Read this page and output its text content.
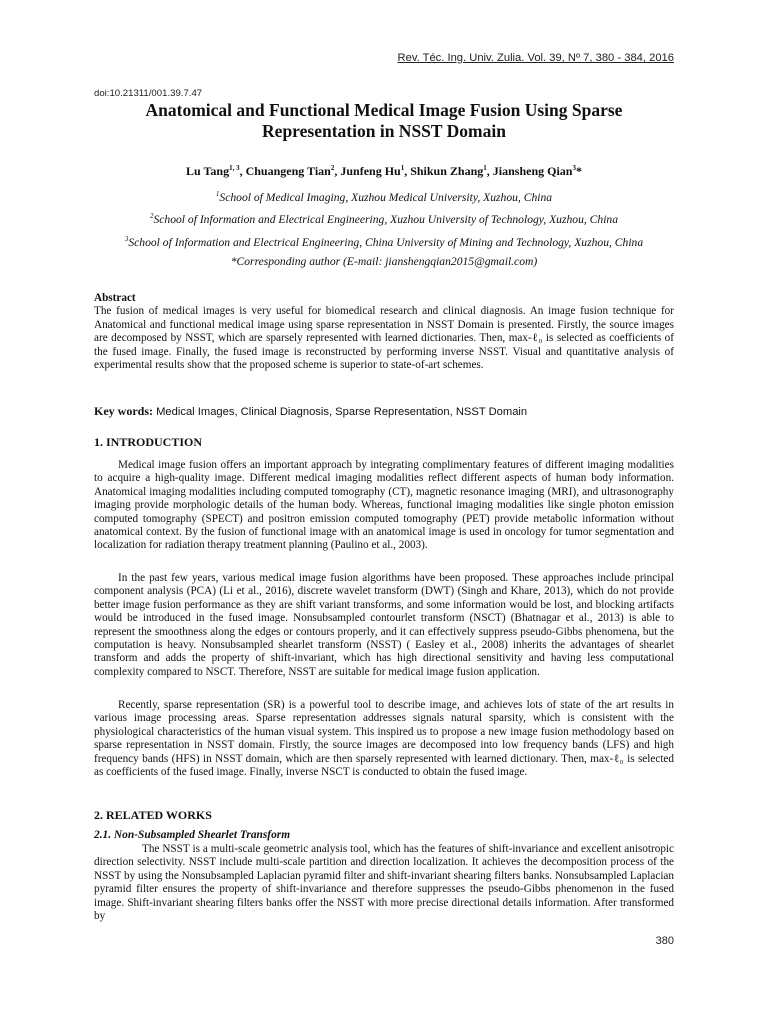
Rev. Téc. Ing. Univ. Zulia. Vol. 39, Nº 7, 380 - 384, 2016
doi:10.21311/001.39.7.47
Anatomical and Functional Medical Image Fusion Using Sparse Representation in NSST Domain
Lu Tang$^{1, 3}$, Chuangeng Tian$^2$, Junfeng Hu$^1$, Shikun Zhang$^1$, Jiansheng Qian$^3$*
$^1$School of Medical Imaging, Xuzhou Medical University, Xuzhou, China
$^2$School of Information and Electrical Engineering, Xuzhou University of Technology, Xuzhou, China
$^3$School of Information and Electrical Engineering, China University of Mining and Technology, Xuzhou, China
*Corresponding author (E-mail: jianshengqian2015@gmail.com)
Abstract

The fusion of medical images is very useful for biomedical research and clinical diagnosis. An image fusion technique for Anatomical and functional medical image using sparse representation in NSST Domain is presented. Firstly, the source images are decomposed by NSST, which are sparsely represented with learned dictionaries. Then, max-ℓ₀ is selected as coefficients of the fused image. Finally, the fused image is reconstructed by performing inverse NSST. Visual and quantitative analysis of experimental results show that the proposed scheme is superior to state-of-art schemes.

Key words: Medical Images, Clinical Diagnosis, Sparse Representation, NSST Domain
1. INTRODUCTION

Medical image fusion offers an important approach by integrating complimentary features of different imaging modalities to acquire a high-quality image. Different medical imaging modalities reflect different aspects of human body information. Anatomical imaging modalities including computed tomography (CT), magnetic resonance imaging (MRI), and ultrasonography imaging provide morphologic details of the human body. Whereas, functional imaging modalities like single photon emission computed tomography (SPECT) and positron emission computed tomography (PET) provide metabolic information without anatomical context. By the fusion of functional image with an anatomical image is used in oncology for tumor segmentation and localization for radiation therapy treatment planning (Paulino et al., 2003).

In the past few years, various medical image fusion algorithms have been proposed. These approaches include principal component analysis (PCA) (Li et al., 2016), discrete wavelet transform (DWT) (Singh and Khare, 2013), which do not provide better image fusion performance as they are shift variant transforms, and some information would be lost, and blocking artifacts would be introduced in the fused image. Nonsubsampled contourlet transform (NSCT) (Bhatnagar et al., 2013) is able to represent the smoothness along the edges or contours properly, and it can effectively suppress pseudo-Gibbs phenomena, but the computation is heavy. Nonsubsampled shearlet transform (NSST) ( Easley et al., 2008) inherits the advantages of shearlet transform and adds the property of shift-invariant, which has high directional sensitivity and having less computational complexity compared to NSCT. Therefore, NSST are suitable for medical image fusion application.

Recently, sparse representation (SR) is a powerful tool to describe image, and achieves lots of state of the art results in various image processing areas. Sparse representation addresses signals natural sparsity, which is consistent with the physiological characteristics of the human visual system. This inspired us to propose a new image fusion methodology based on sparse representation in NSST domain. Firstly, the source images are decomposed into low frequency bands (LFS) and high frequency bands (HFS) in NSST domain, which are then sparsely represented with learned dictionary. Then, max-ℓ₀ is selected as coefficients of the fused image. Finally, inverse NSCT is conducted to obtain the fused image.

2. RELATED WORKS
2.1. Non-Subsampled Shearlet Transform

The NSST is a multi-scale geometric analysis tool, which has the features of shift-invariance and excellent anisotropic direction selectivity. NSST include multi-scale partition and direction localization. It achieves the decomposition process of the NSST by using the Nonsubsampled Laplacian pyramid filter and shift-invariant shearing filters banks. Nonsubsampled Laplacian pyramid filter ensures the property of shift-invariance and therefore suppresses the pseudo-Gibbs phenomenon in the fused image. Shift-invariant shearing filters banks offer the NSST with more precise directional details information. After transformed by

380
